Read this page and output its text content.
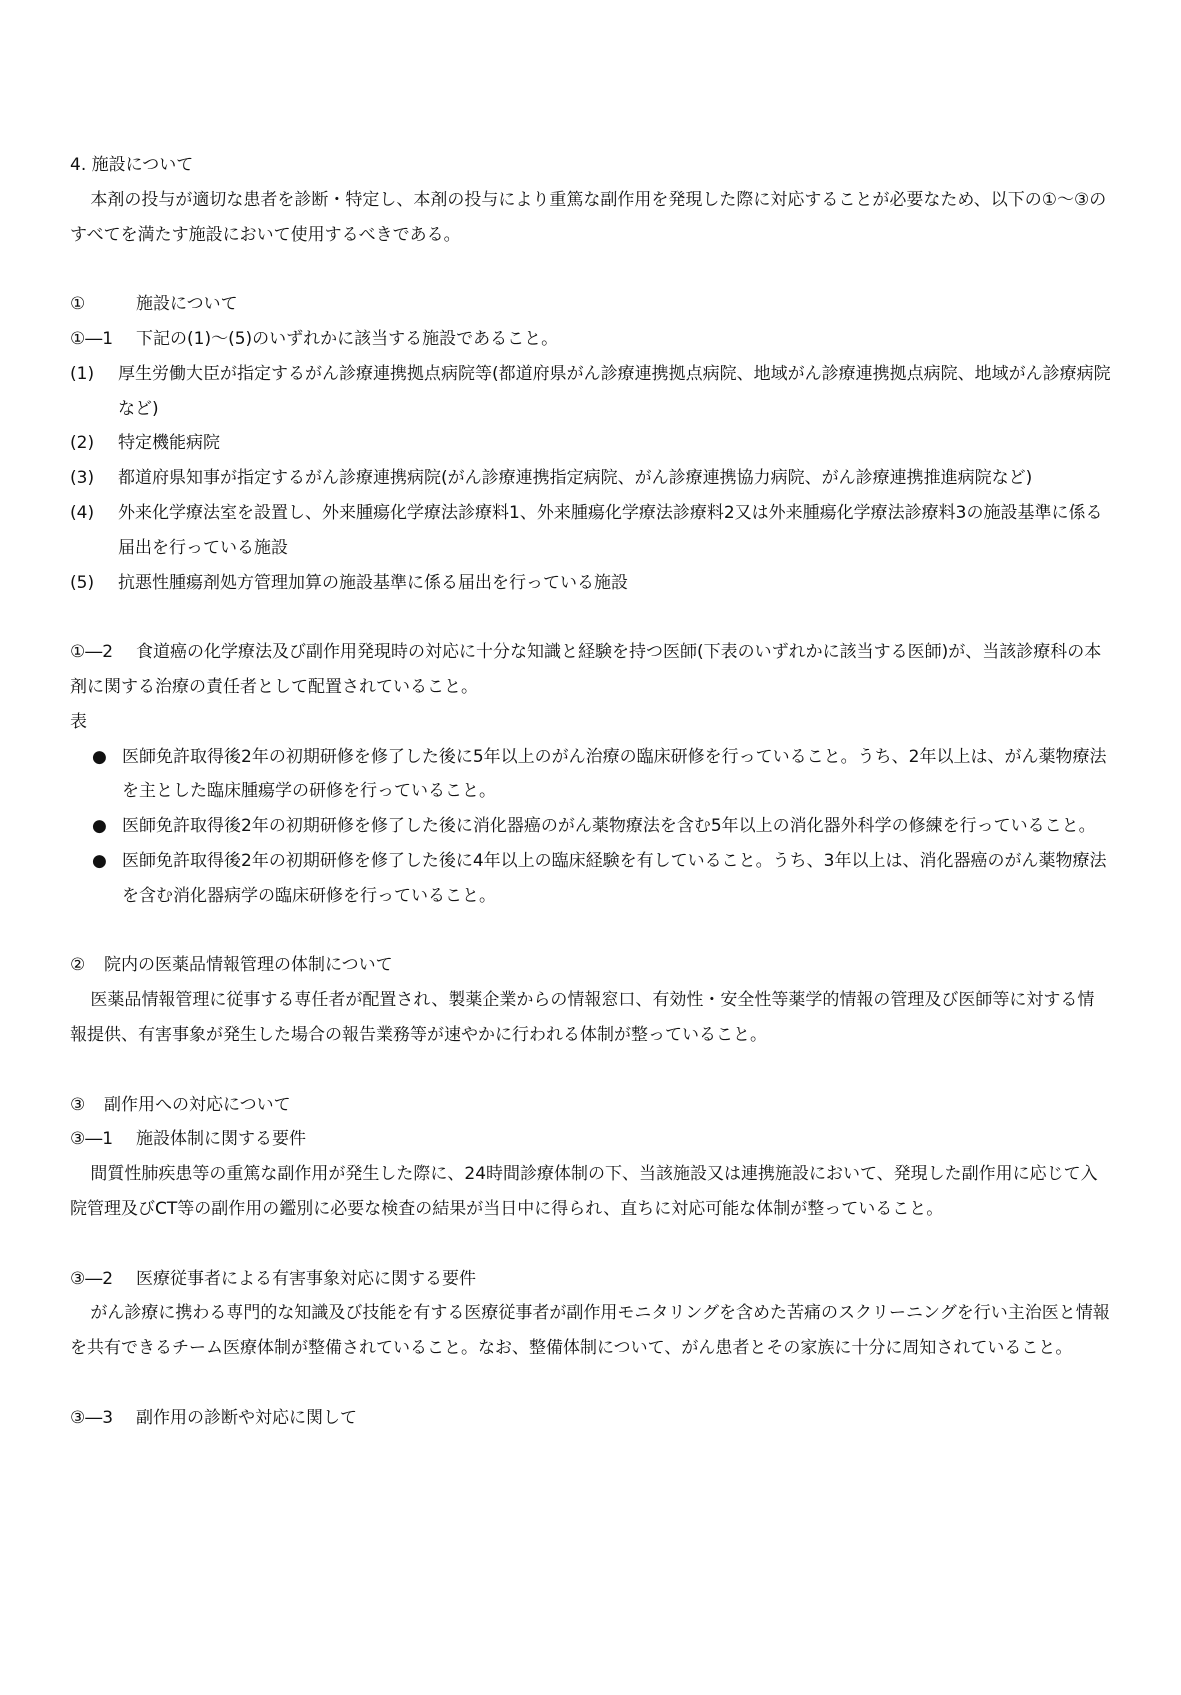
4. 施設について

本剤の投与が適切な患者を診断・特定し、本剤の投与により重篤な副作用を発現した際に対応することが必要なため、以下の①～③のすべてを満たす施設において使用するべきである。

①	施設について

①―1 下記の(1)～(5)のいずれかに該当する施設であること。

(1)	厚生労働大臣が指定するがん診療連携拠点病院等(都道府県がん診療連携拠点病院、地域がん診療連携拠点病院、地域がん診療病院など)
(2)	特定機能病院
(3)	都道府県知事が指定するがん診療連携病院(がん診療連携指定病院、がん診療連携協力病院、がん診療連携推進病院など)
(4)	外来化学療法室を設置し、外来腫瘍化学療法診療料1、外来腫瘍化学療法診療料2又は外来腫瘍化学療法診療料3の施設基準に係る届出を行っている施設
(5)	抗悪性腫瘍剤処方管理加算の施設基準に係る届出を行っている施設

①―2 食道癌の化学療法及び副作用発現時の対応に十分な知識と経験を持つ医師(下表のいずれかに該当する医師)が、当該診療科の本剤に関する治療の責任者として配置されていること。

表

● 医師免許取得後2年の初期研修を修了した後に5年以上のがん治療の臨床研修を行っていること。うち、2年以上は、がん薬物療法を主とした臨床腫瘍学の研修を行っていること。
● 医師免許取得後2年の初期研修を修了した後に消化器癌のがん薬物療法を含む5年以上の消化器外科学の修練を行っていること。
● 医師免許取得後2年の初期研修を修了した後に4年以上の臨床経験を有していること。うち、3年以上は、消化器癌のがん薬物療法を含む消化器病学の臨床研修を行っていること。

② 院内の医薬品情報管理の体制について

医薬品情報管理に従事する専任者が配置され、製薬企業からの情報窓口、有効性・安全性等薬学的情報の管理及び医師等に対する情報提供、有害事象が発生した場合の報告業務等が速やかに行われる体制が整っていること。

③ 副作用への対応について

③―1 施設体制に関する要件

間質性肺疾患等の重篤な副作用が発生した際に、24時間診療体制の下、当該施設又は連携施設において、発現した副作用に応じて入院管理及びCT等の副作用の鑑別に必要な検査の結果が当日中に得られ、直ちに対応可能な体制が整っていること。

③―2 医療従事者による有害事象対応に関する要件

がん診療に携わる専門的な知識及び技能を有する医療従事者が副作用モニタリングを含めた苦痛のスクリーニングを行い主治医と情報を共有できるチーム医療体制が整備されていること。なお、整備体制について、がん患者とその家族に十分に周知されていること。

③―3 副作用の診断や対応に関して
